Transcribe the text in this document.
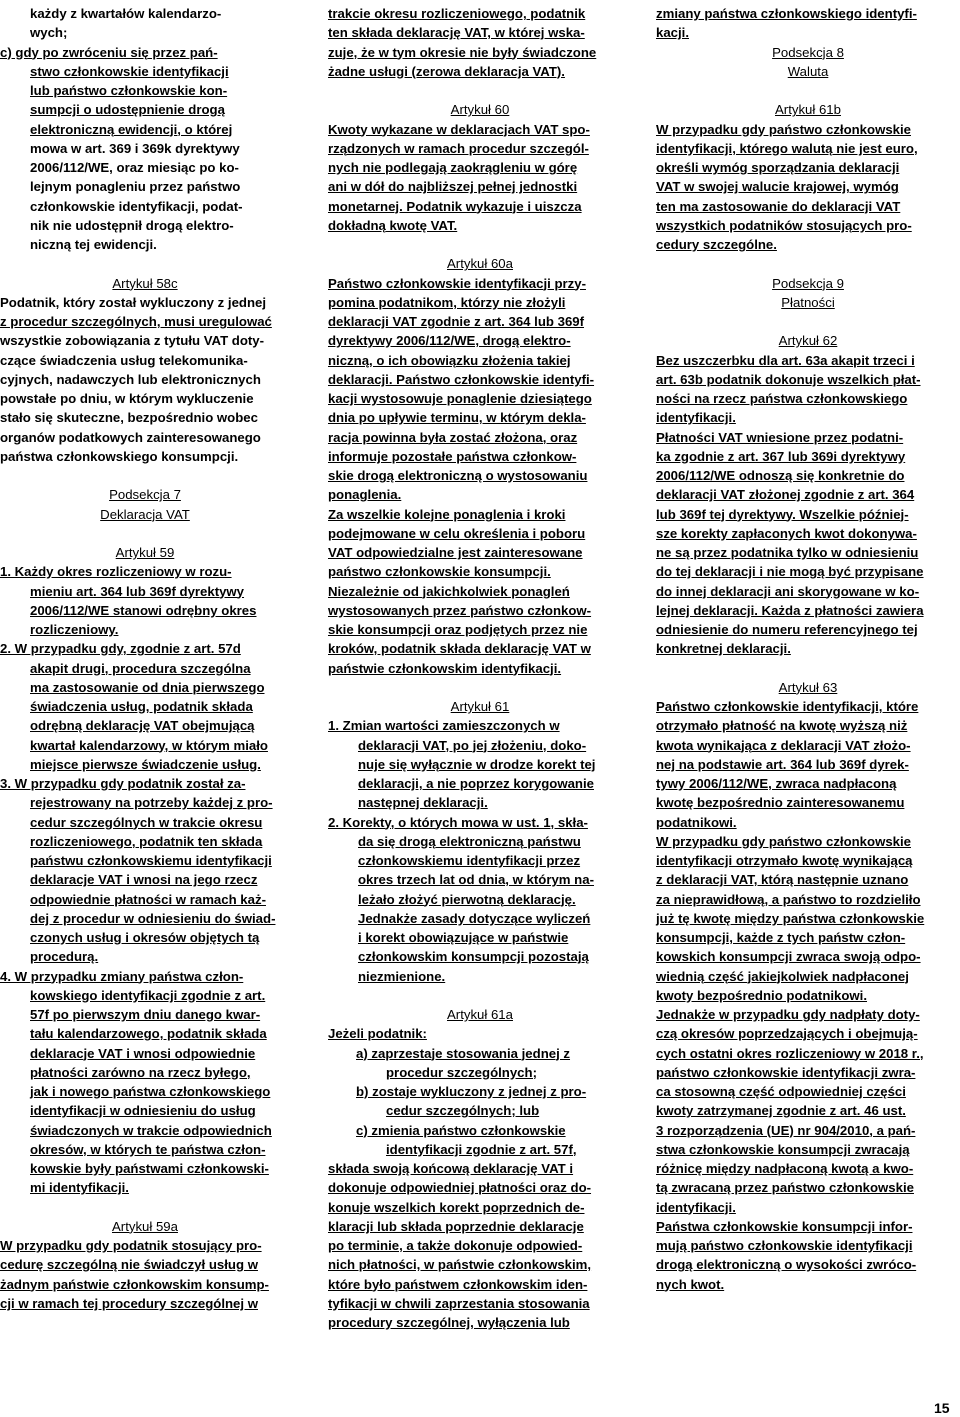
każdy z kwartałów kalendarzo-
wych;
c) gdy po zwróceniu się przez pań-
stwo członkowskie identyfikacji
lub państwo członkowskie kon-
sumpcji o udostępnienie drogą
elektroniczną ewidencji, o której
mowa w art. 369 i 369k dyrektywy
2006/112/WE, oraz miesiąc po ko-
lejnym ponagleniu przez państwo
członkowskie identyfikacji, podat-
nik nie udostępnił drogą elektro-
niczną tej ewidencji.
Artykuł 58c
Podatnik, który został wykluczony z jednej
z procedur szczególnych, musi uregulować
wszystkie zobowiązania z tytułu VAT doty-
czące świadczenia usług telekomunika-
cyjnych, nadawczych lub elektronicznych
powstałe po dniu, w którym wykluczenie
stało się skuteczne, bezpośrednio wobec
organów podatkowych zainteresowanego
państwa członkowskiego konsumpcji.
Podsekcja 7
Deklaracja VAT
Artykuł 59
1. Każdy okres rozliczeniowy w rozu-
mieniu art. 364 lub 369f dyrektywy
2006/112/WE stanowi odrębny okres
rozliczeniowy.
2. W przypadku gdy, zgodnie z art. 57d
akapit drugi, procedura szczególna
ma zastosowanie od dnia pierwszego
świadczenia usług, podatnik składa
odrębną deklarację VAT obejmującą
kwartał kalendarzowy, w którym miało
miejsce pierwsze świadczenie usług.
3. W przypadku gdy podatnik został za-
rejestrowany na potrzeby każdej z pro-
cedur szczególnych w trakcie okresu
rozliczeniowego, podatnik ten składa
państwu członkowskiemu identyfikacji
deklaracje VAT i wnosi na jego rzecz
odpowiednie płatności w ramach każ-
dej z procedur w odniesieniu do świad-
czonych usług i okresów objętych tą
procedurą.
4. W przypadku zmiany państwa człon-
kowskiego identyfikacji zgodnie z art.
57f po pierwszym dniu danego kwar-
tału kalendarzowego, podatnik składa
deklaracje VAT i wnosi odpowiednie
płatności zarówno na rzecz byłego,
jak i nowego państwa członkowskiego
identyfikacji w odniesieniu do usług
świadczonych w trakcie odpowiednich
okresów, w których te państwa człon-
kowskie były państwami członkowski-
mi identyfikacji.
Artykuł 59a
W przypadku gdy podatnik stosujący pro-
cedurę szczególną nie świadczył usług w
żadnym państwie członkowskim konsump-
cji w ramach tej procedury szczególnej w
trakcie okresu rozliczeniowego, podatnik
ten składa deklarację VAT, w której wska-
zuje, że w tym okresie nie były świadczone
żadne usługi (zerowa deklaracja VAT).
Artykuł 60
Kwoty wykazane w deklaracjach VAT spo-
rządzonych w ramach procedur szczegól-
nych nie podlegają zaokrągleniu w górę
ani w dół do najbliższej pełnej jednostki
monetarnej. Podatnik wykazuje i uiszcza
dokładną kwotę VAT.
Artykuł 60a
Państwo członkowskie identyfikacji przy-
pomina podatnikom, którzy nie złożyli
deklaracji VAT zgodnie z art. 364 lub 369f
dyrektywy 2006/112/WE, drogą elektro-
niczną, o ich obowiązku złożenia takiej
deklaracji. Państwo członkowskie identyfi-
kacji wystosowuje ponaglenie dziesiątego
dnia po upływie terminu, w którym dekla-
racja powinna była zostać złożona, oraz
informuje pozostałe państwa członkow-
skie drogą elektroniczną o wystosowaniu
ponaglenia.
Za wszelkie kolejne ponaglenia i kroki
podejmowane w celu określenia i poboru
VAT odpowiedzialne jest zainteresowane
państwo członkowskie konsumpcji.
Niezależnie od jakichkolwiek ponagleń
wystosowanych przez państwo członkow-
skie konsumpcji oraz podjętych przez nie
kroków, podatnik składa deklarację VAT w
państwie członkowskim identyfikacji.
Artykuł 61
1. Zmian wartości zamieszczonych w
deklaracji VAT, po jej złożeniu, doko-
nuje się wyłącznie w drodze korekt tej
deklaracji, a nie poprzez korygowanie
następnej deklaracji.
2. Korekty, o których mowa w ust. 1, skła-
da się drogą elektroniczną państwu
członkowskiemu identyfikacji przez
okres trzech lat od dnia, w którym na-
leżało złożyć pierwotną deklarację.
Jednakże zasady dotyczące wyliczeń
i korekt obowiązujące w państwie
członkowskim konsumpcji pozostają
niezmienione.
Artykuł 61a
Jeżeli podatnik:
a) zaprzestaje stosowania jednej z
procedur szczególnych;
b) zostaje wykluczony z jednej z pro-
cedur szczególnych; lub
c) zmienia państwo członkowskie
identyfikacji zgodnie z art. 57f,
składa swoją końcową deklarację VAT i
dokonuje odpowiedniej płatności oraz do-
konuje wszelkich korekt poprzednich de-
klaracji lub składa poprzednie deklaracje
po terminie, a także dokonuje odpowied-
nich płatności, w państwie członkowskim,
które było państwem członkowskim iden-
tyfikacji w chwili zaprzestania stosowania
procedury szczególnej, wyłączenia lub
zmiany państwa członkowskiego identyfi-
kacji.
Podsekcja 8
Waluta
Artykuł 61b
W przypadku gdy państwo członkowskie
identyfikacji, którego walutą nie jest euro,
określi wymóg sporządzania deklaracji
VAT w swojej walucie krajowej, wymóg
ten ma zastosowanie do deklaracji VAT
wszystkich podatników stosujących pro-
cedury szczególne.
Podsekcja 9
Płatności
Artykuł 62
Bez uszczerbku dla art. 63a akapit trzeci i
art. 63b podatnik dokonuje wszelkich płat-
ności na rzecz państwa członkowskiego
identyfikacji.
Płatności VAT wniesione przez podatni-
ka zgodnie z art. 367 lub 369i dyrektywy
2006/112/WE odnoszą się konkretnie do
deklaracji VAT złożonej zgodnie z art. 364
lub 369f tej dyrektywy. Wszelkie później-
sze korekty zapłaconych kwot dokonywa-
ne są przez podatnika tylko w odniesieniu
do tej deklaracji i nie mogą być przypisane
do innej deklaracji ani skorygowane w ko-
lejnej deklaracji. Każda z płatności zawiera
odniesienie do numeru referencyjnego tej
konkretnej deklaracji.
Artykuł 63
Państwo członkowskie identyfikacji, które
otrzymało płatność na kwotę wyższą niż
kwota wynikająca z deklaracji VAT złożo-
nej na podstawie art. 364 lub 369f dyrek-
tywy 2006/112/WE, zwraca nadpłaconą
kwotę bezpośrednio zainteresowanemu
podatnikowi.
W przypadku gdy państwo członkowskie
identyfikacji otrzymało kwotę wynikającą
z deklaracji VAT, którą następnie uznano
za nieprawidłową, a państwo to rozdzieliło
już tę kwotę między państwa członkowskie
konsumpcji, każde z tych państw człon-
kowskich konsumpcji zwraca swoją odpo-
wiednią część jakiejkolwiek nadpłaconej
kwoty bezpośrednio podatnikowi.
Jednakże w przypadku gdy nadpłaty doty-
czą okresów poprzedzających i obejmują-
cych ostatni okres rozliczeniowy w 2018 r.,
państwo członkowskie identyfikacji zwra-
ca stosowną część odpowiedniej części
kwoty zatrzymanej zgodnie z art. 46 ust.
3 rozporządzenia (UE) nr 904/2010, a pań-
stwa członkowskie konsumpcji zwracają
różnicę między nadpłaconą kwotą a kwo-
tą zwracaną przez państwo członkowskie
identyfikacji.
Państwa członkowskie konsumpcji infor-
mują państwo członkowskie identyfikacji
drogą elektroniczną o wysokości zwróco-
nych kwot.
15
